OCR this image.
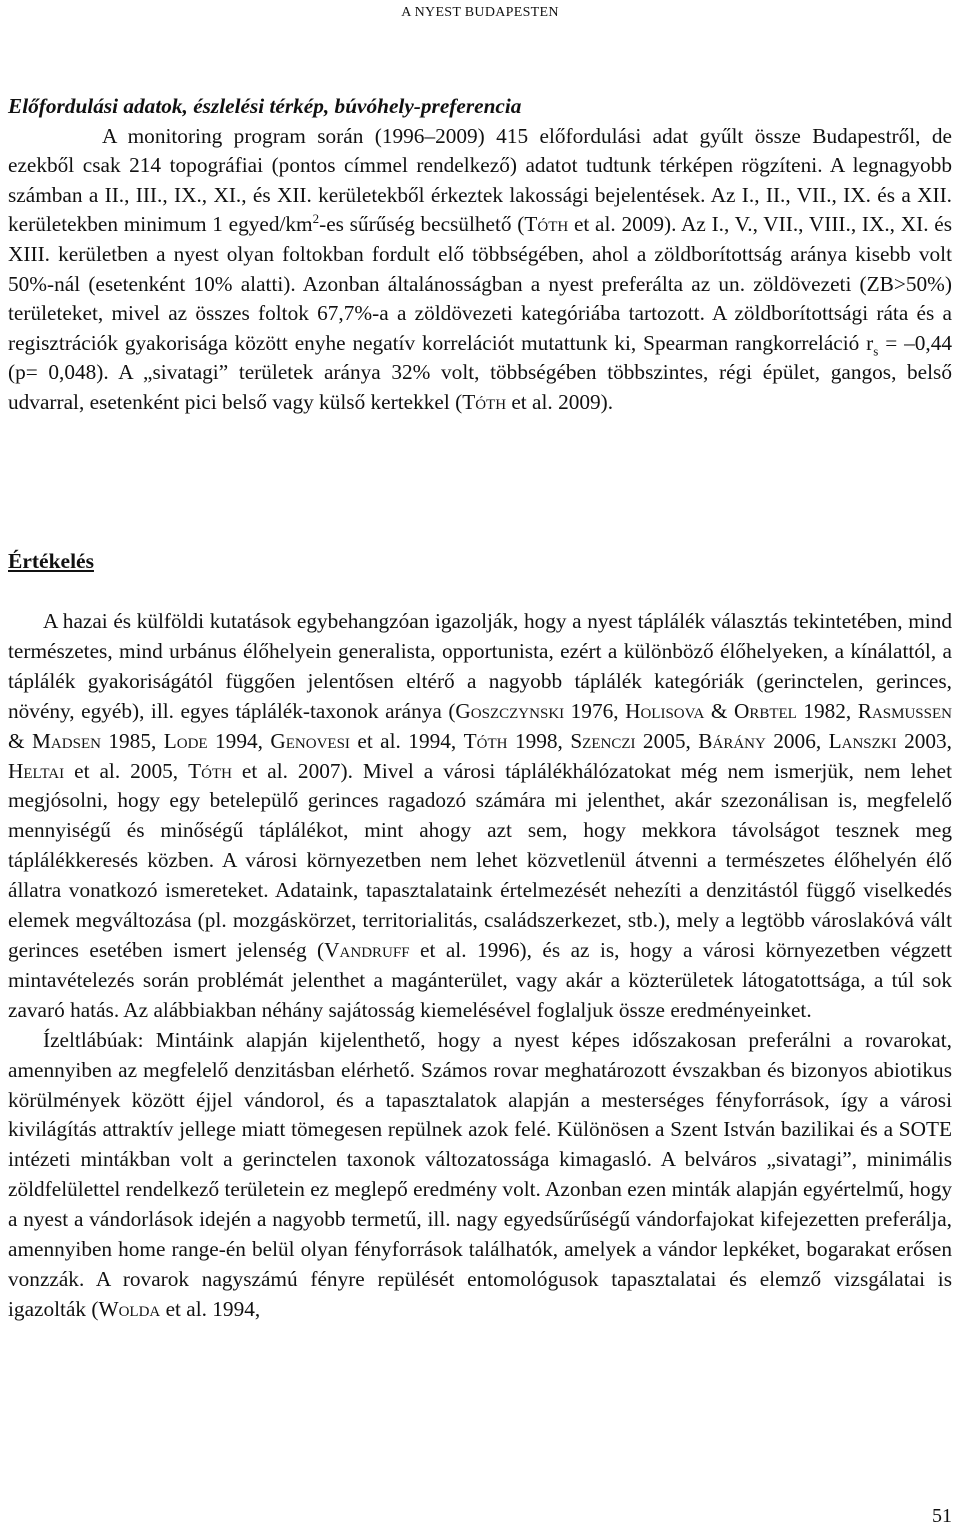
A NYEST BUDAPESTEN
Előfordulási adatok, észlelési térkép, búvóhely-preferencia

A monitoring program során (1996–2009) 415 előfordulási adat gyűlt össze Budapestről, de ezekből csak 214 topográfiai (pontos címmel rendelkező) adatot tudtunk térképen rögzíteni. A legnagyobb számban a II., III., IX., XI., és XII. kerületekből érkeztek lakossági bejelentések. Az I., II., VII., IX. és a XII. kerületekben minimum 1 egyed/$km^2-es$ sűrűség becsülhető (Tóth et al. 2009). Az I., V., VII., VIII., IX., XI. és XIII. kerületben a nyest olyan foltokban fordult elő többségében, ahol a zöldborítottság aránya kisebb volt 50%-nál (esetenként 10% alatti). Azonban általánosságban a nyest preferálta az un. zöldövezeti (ZB>50%) területeket, mivel az összes foltok 67,7%-a a zöldövezeti kategóriába tartozott. A zöldborítottsági ráta és a regisztrációk gyakorisága között enyhe negatív korrelációt mutattunk ki, Spearman rangkorreláció $r_s = -0,44$ (p= 0,048). A „sivatagi” területek aránya 32% volt, többségében többszintes, régi épület, gangos, belső udvarral, esetenként pici belső vagy külső kertekkel (Tóth et al. 2009).

Értékelés

A hazai és külföldi kutatások egybehangzóan igazolják, hogy a nyest táplálék választás tekintetében, mind természetes, mind urbánus élőhelyein generalista, opportunista, ezért a különböző élőhelyeken, a kínálattól, a táplálék gyakoriságától függően jelentősen eltérő a nagyobb táplálék kategóriák (gerinctelen, gerinces, növény, egyéb), ill. egyes táplálék-taxonok aránya (Goszczynski 1976, Holisova & Orbtel 1982, Rasmussen & Madsen 1985, Lode 1994, Genovesi et al. 1994, Tóth 1998, Szenczi 2005, Bárány 2006, Lanszki 2003, Heltai et al. 2005, Tóth et al. 2007). Mivel a városi táplálékhálózatokat még nem ismerjük, nem lehet megjósolni, hogy egy betelepülő gerinces ragadozó számára mi jelenthet, akár szezonálisan is, megfelelő mennyiségű és minőségű táplálékot, mint ahogy azt sem, hogy mekkora távolságot tesznek meg táplálékkeresés közben. A városi környezetben nem lehet közvetlenül átvenni a természetes élőhelyén élő állatra vonatkozó ismereteket. Adataink, tapasztalataink értelmezését nehezíti a denzitástól függő viselkedés elemek megváltozása (pl. mozgáskörzet, territorialitás, családszerkezet, stb.), mely a legtöbb városlakóvá vált gerinces esetében ismert jelenség (Vandruff et al. 1996), és az is, hogy a városi környezetben végzett mintavételezés során problémát jelenthet a magánterület, vagy akár a közterületek látogatottsága, a túl sok zavaró hatás. Az alábbiakban néhány sajátosság kiemelésével foglaljuk össze eredményeinket.

Ízeltlábúak: Mintáink alapján kijelenthető, hogy a nyest képes időszakosan preferálni a rovarokat, amennyiben az megfelelő denzitásban elérhető. Számos rovar meghatározott évszakban és bizonyos abiotikus körülmények között éjjel vándorol, és a tapasztalatok alapján a mesterséges fényforrások, így a városi kivilágítás attraktív jellege miatt tömegesen repülnek azok felé. Különösen a Szent István bazilikai és a SOTE intézeti mintákban volt a gerinctelen taxonok változatossága kimagasló. A belváros „sivatagi”, minimális zöldfelülettel rendelkező területein ez meglepő eredmény volt. Azonban ezen minták alapján egyértelmű, hogy a nyest a vándorlások idején a nagyobb termetű, ill. nagy egyedsűrűségű vándorfajokat kifejezetten preferálja, amennyiben home range-én belül olyan fényforrások találhatók, amelyek a vándor lepkéket, bogarakat erősen vonzzák. A rovarok nagyszámú fényre repülését entomológusok tapasztalatai és elemző vizsgálatai is igazolták (Wolda et al. 1994,

51
